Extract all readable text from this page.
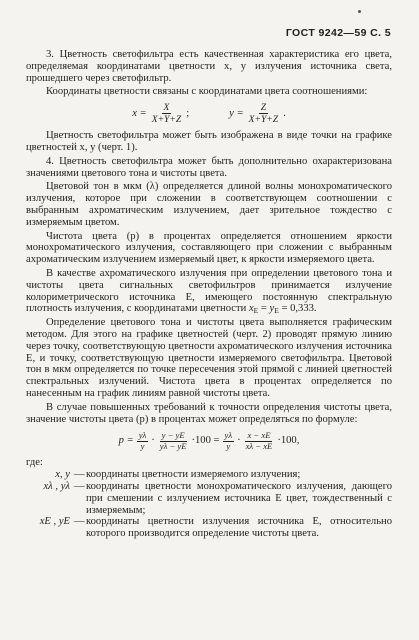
ГОСТ 9242—59 С. 5

3. Цветность светофильтра есть качественная характеристика его цвета, определяемая координатами цветности x, y излучения источника света, прошедшего через светофильтр.

Координаты цветности связаны с координатами цвета соотношениями:

$x = \frac{X}{X+Y+Z}$ ;	$y = \frac{Z}{X+Y+Z}$ .

Цветность светофильтра может быть изображена в виде точки на графике цветностей x, y (черт. 1).

4. Цветность светофильтра может быть дополнительно охарактеризована значениями цветового тона и чистоты цвета.

Цветовой тон в мкм (λ) определяется длиной волны монохроматического излучения, которое при сложении в соответствующем соотношении с выбранным ахроматическим излучением, дает зрительное тождество с измеряемым цветом.

Чистота цвета (p) в процентах определяется отношением яркости монохроматического излучения, составляющего при сложении с выбранным ахроматическим излучением измеряемый цвет, к яркости измеряемого цвета.

В качестве ахроматического излучения при определении цветового тона и чистоты цвета сигнальных светофильтров принимается излучение колориметрического источника E, имеющего постоянную спектральную плотность излучения, с координатами цветности $x_E = y_E = 0,333$.

Определение цветового тона и чистоты цвета выполняется графическим методом. Для этого на графике цветностей (черт. 2) проводят прямую линию через точку, соответствующую цветности ахроматического излучения источника E, и точку, соответствующую цветности измеряемого светофильтра. Цветовой тон в мкм определяется по точке пересечения этой прямой с линией цветностей спектральных излучений. Чистота цвета в процентах определяется по нанесенным на график линиям равной чистоты цвета.

В случае повышенных требований к точности определения чистоты цвета, значение чистоты цвета (p) в процентах может определяться по формуле:

$p = \frac{y\lambda}{y} \cdot \frac{y - yE}{y\lambda - yE} \cdot 100 = \frac{y\lambda}{y} \cdot \frac{x - xE}{x\lambda - xE} \cdot 100$,

где:

x, y — координаты цветности измеряемого излучения;
xλ , yλ — координаты цветности монохроматического излучения, дающего при смешении с излучением источника E цвет, тождественный с измеряемым;
xE , yE — координаты цветности излучения источника E, относительно которого производится определение чистоты цвета.
